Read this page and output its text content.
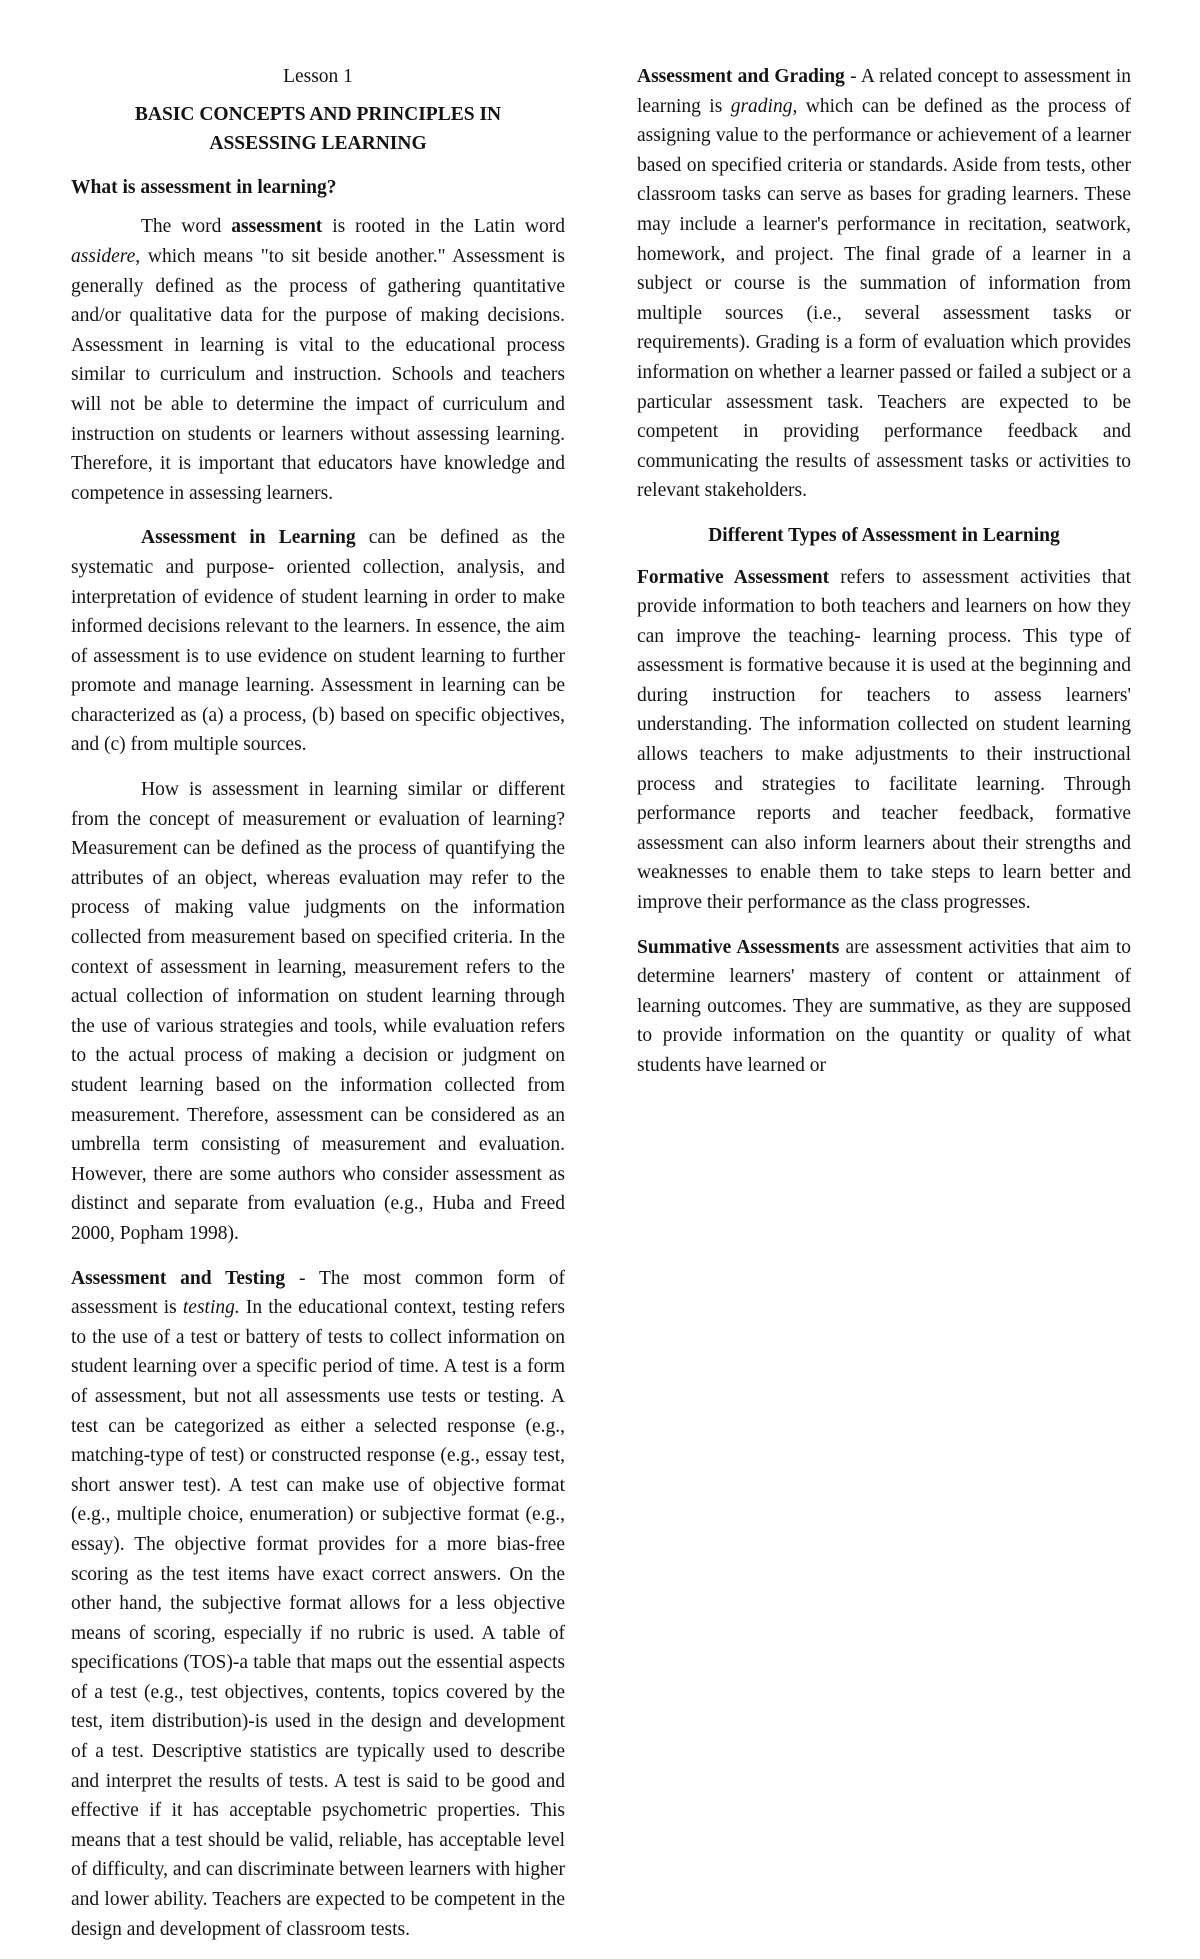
Lesson 1

BASIC CONCEPTS AND PRINCIPLES IN
ASSESSING LEARNING

What is assessment in learning?

The word assessment is rooted in the Latin word assidere, which means "to sit beside another." Assessment is generally defined as the process of gathering quantitative and/or qualitative data for the purpose of making decisions. Assessment in learning is vital to the educational process similar to curriculum and instruction. Schools and teachers will not be able to determine the impact of curriculum and instruction on students or learners without assessing learning. Therefore, it is important that educators have knowledge and competence in assessing learners.

Assessment in Learning can be defined as the systematic and purpose- oriented collection, analysis, and interpretation of evidence of student learning in order to make informed decisions relevant to the learners. In essence, the aim of assessment is to use evidence on student learning to further promote and manage learning. Assessment in learning can be characterized as (a) a process, (b) based on specific objectives, and (c) from multiple sources.

How is assessment in learning similar or different from the concept of measurement or evaluation of learning? Measurement can be defined as the process of quantifying the attributes of an object, whereas evaluation may refer to the process of making value judgments on the information collected from measurement based on specified criteria. In the context of assessment in learning, measurement refers to the actual collection of information on student learning through the use of various strategies and tools, while evaluation refers to the actual process of making a decision or judgment on student learning based on the information collected from measurement. Therefore, assessment can be considered as an umbrella term consisting of measurement and evaluation. However, there are some authors who consider assessment as distinct and separate from evaluation (e.g., Huba and Freed 2000, Popham 1998).

Assessment and Testing - The most common form of assessment is testing. In the educational context, testing refers to the use of a test or battery of tests to collect information on student learning over a specific period of time. A test is a form of assessment, but not all assessments use tests or testing. A test can be categorized as either a selected response (e.g., matching-type of test) or constructed response (e.g., essay test, short answer test). A test can make use of objective format (e.g., multiple choice, enumeration) or subjective format (e.g., essay). The objective format provides for a more bias-free scoring as the test items have exact correct answers. On the other hand, the subjective format allows for a less objective means of scoring, especially if no rubric is used. A table of specifications (TOS)-a table that maps out the essential aspects of a test (e.g., test objectives, contents, topics covered by the test, item distribution)-is used in the design and development of a test. Descriptive statistics are typically used to describe and interpret the results of tests. A test is said to be good and effective if it has acceptable psychometric properties. This means that a test should be valid, reliable, has acceptable level of difficulty, and can discriminate between learners with higher and lower ability. Teachers are expected to be competent in the design and development of classroom tests.

Assessment and Grading - A related concept to assessment in learning is grading, which can be defined as the process of assigning value to the performance or achievement of a learner based on specified criteria or standards. Aside from tests, other classroom tasks can serve as bases for grading learners. These may include a learner's performance in recitation, seatwork, homework, and project. The final grade of a learner in a subject or course is the summation of information from multiple sources (i.e., several assessment tasks or requirements). Grading is a form of evaluation which provides information on whether a learner passed or failed a subject or a particular assessment task. Teachers are expected to be competent in providing performance feedback and communicating the results of assessment tasks or activities to relevant stakeholders.

Different Types of Assessment in Learning

Formative Assessment refers to assessment activities that provide information to both teachers and learners on how they can improve the teaching- learning process. This type of assessment is formative because it is used at the beginning and during instruction for teachers to assess learners' understanding. The information collected on student learning allows teachers to make adjustments to their instructional process and strategies to facilitate learning. Through performance reports and teacher feedback, formative assessment can also inform learners about their strengths and weaknesses to enable them to take steps to learn better and improve their performance as the class progresses.

Summative Assessments are assessment activities that aim to determine learners' mastery of content or attainment of learning outcomes. They are summative, as they are supposed to provide information on the quantity or quality of what students have learned or
